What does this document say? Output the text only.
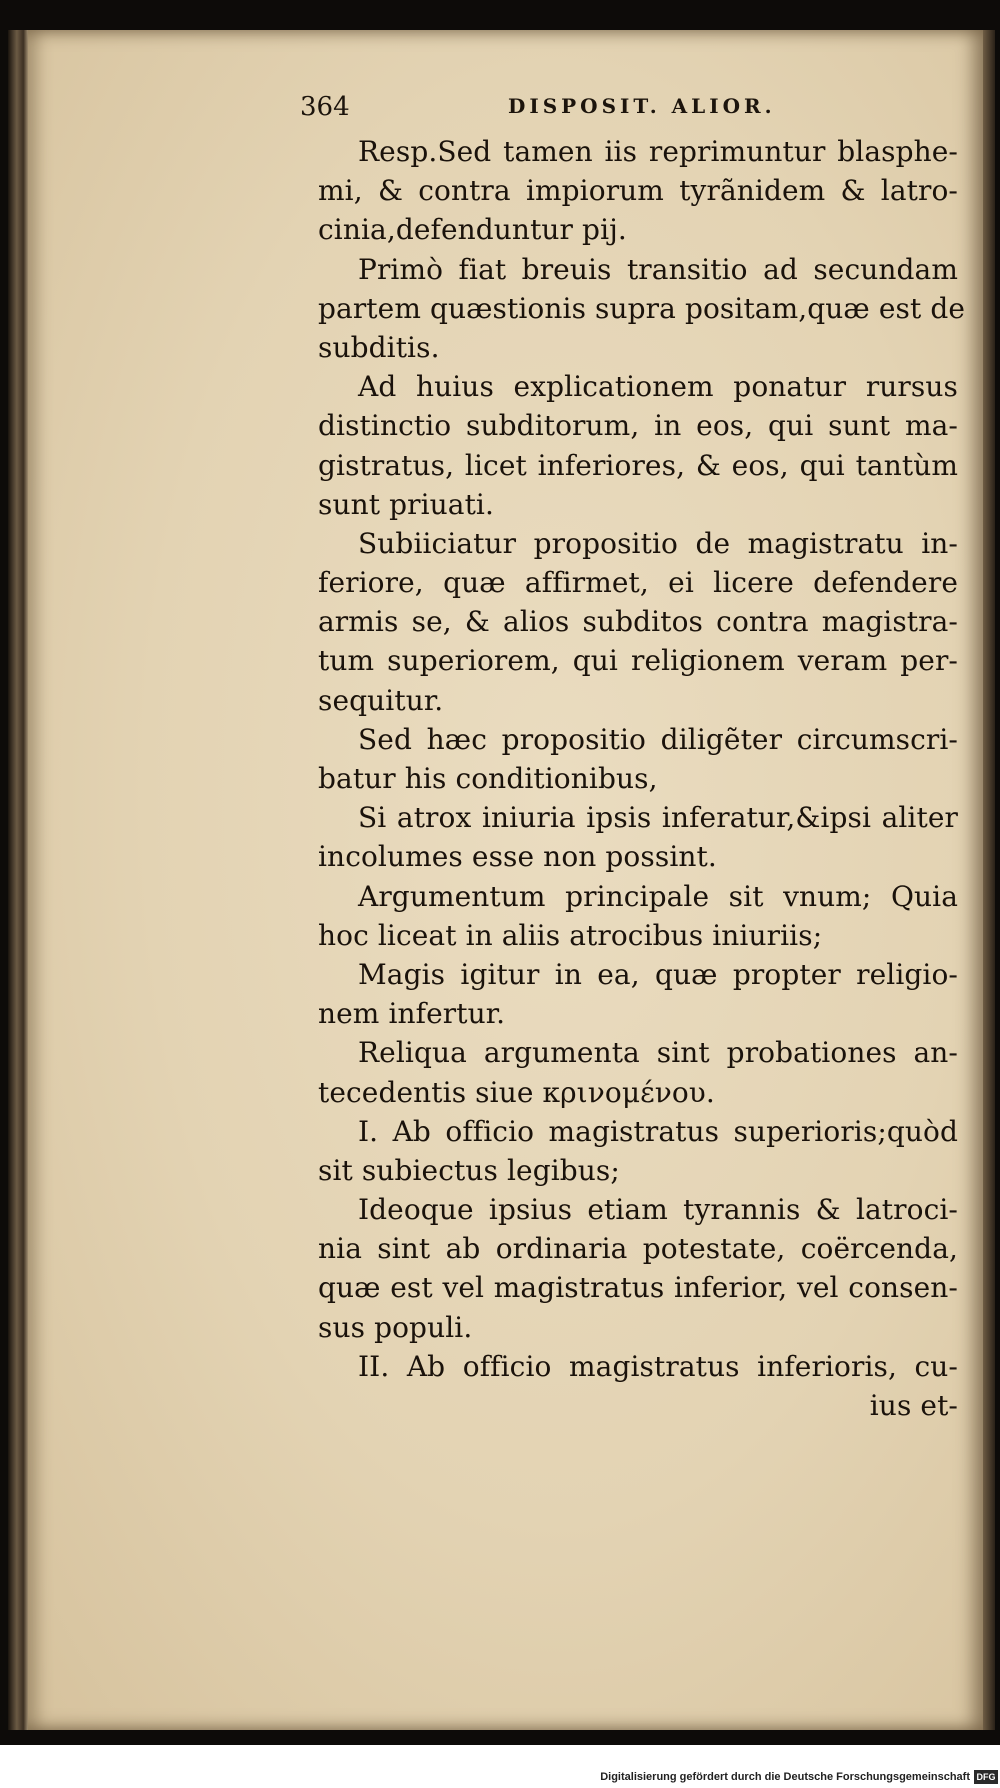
364	DISPOSIT. ALIOR.
Resp.Sed tamen iis reprimuntur blasphe-
mi, & contra impiorum tyrãnidem & latro-
cinia,defenduntur pij.
Primò fiat breuis transitio ad secundam
partem quæstionis supra positam,quæ est de
subditis.
Ad huius explicationem ponatur rursus
distinctio subditorum, in eos, qui sunt ma-
gistratus, licet inferiores, & eos, qui tantùm
sunt priuati.
Subiiciatur propositio de magistratu in-
feriore, quæ affirmet, ei licere defendere
armis se, & alios subditos contra magistra-
tum superiorem, qui religionem veram per-
sequitur.
Sed hæc propositio diligẽter circumscri-
batur his conditionibus,
Si atrox iniuria ipsis inferatur,&ipsi aliter
incolumes esse non possint.
Argumentum principale sit vnum; Quia
hoc liceat in aliis atrocibus iniuriis;
Magis igitur in ea, quæ propter religio-
nem infertur.
Reliqua argumenta sint probationes an-
tecedentis siue κρινομένου.
I. Ab officio magistratus superioris;quòd
sit subiectus legibus;
Ideoque ipsius etiam tyrannis & latroci-
nia sint ab ordinaria potestate, coërcenda,
quæ est vel magistratus inferior, vel consen-
sus populi.
II. Ab officio magistratus inferioris, cu-
ius et-
Digitalisierung gefördert durch die Deutsche Forschungsgemeinschaft DFG
